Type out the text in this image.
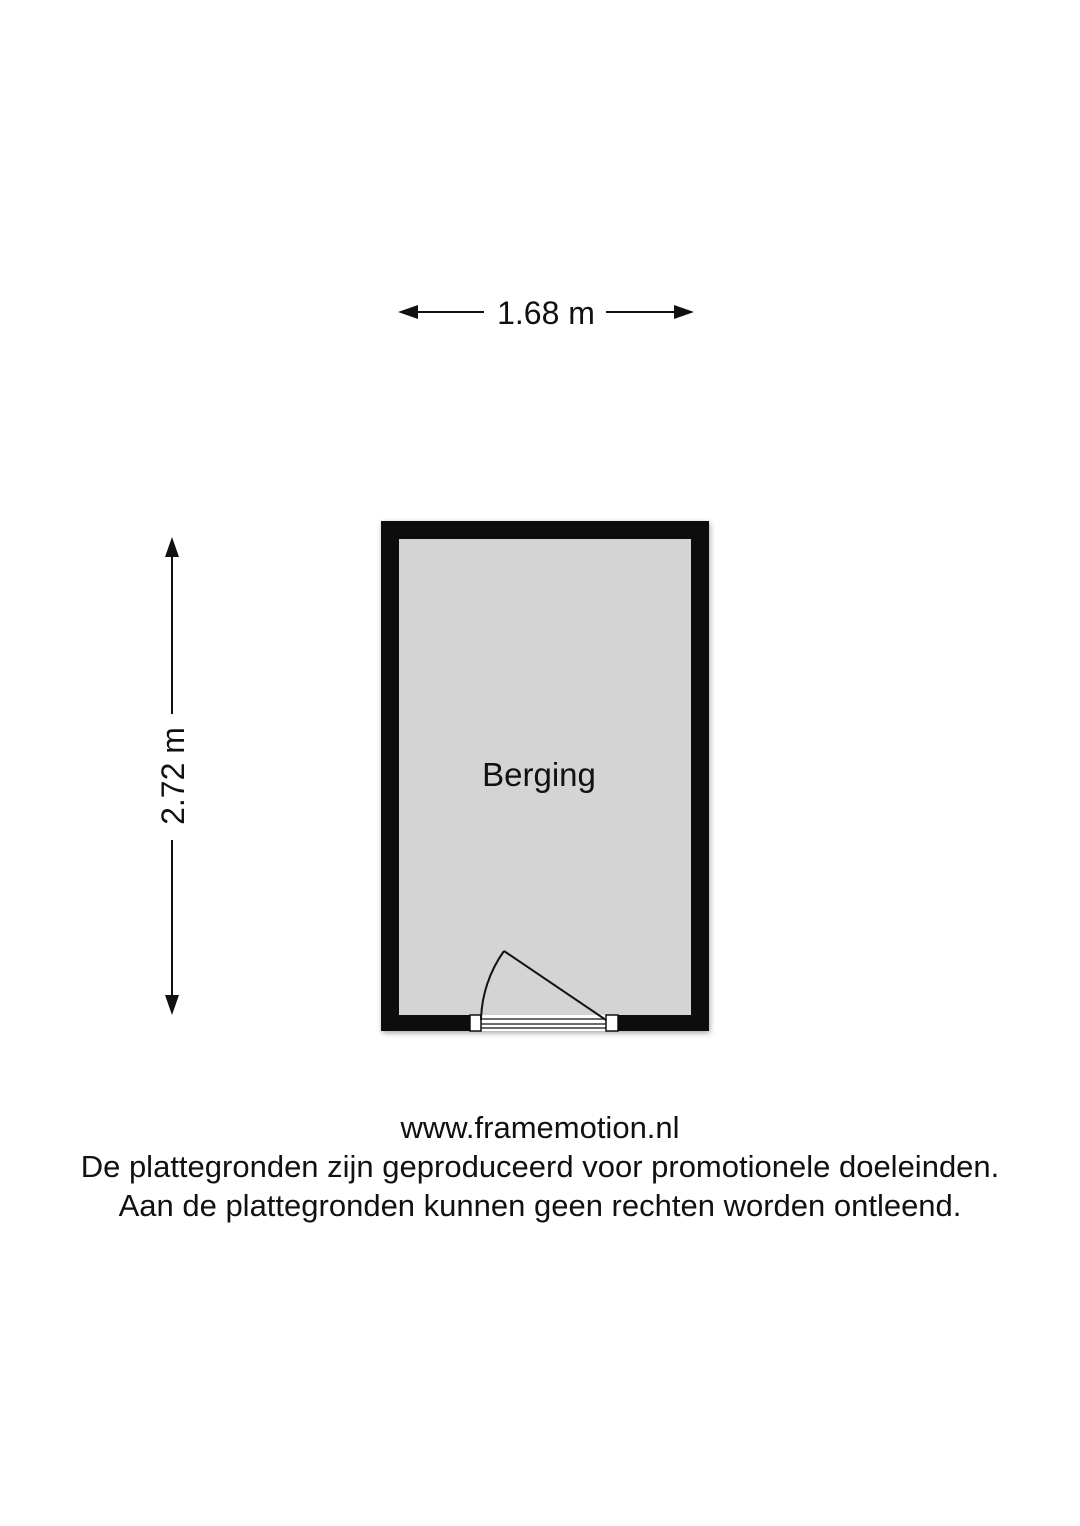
1.68 m
2.72 m	Berging
www.framemotion.nl
De plattegronden zijn geproduceerd voor promotionele doeleinden.
Aan de plattegronden kunnen geen rechten worden ontleend.
